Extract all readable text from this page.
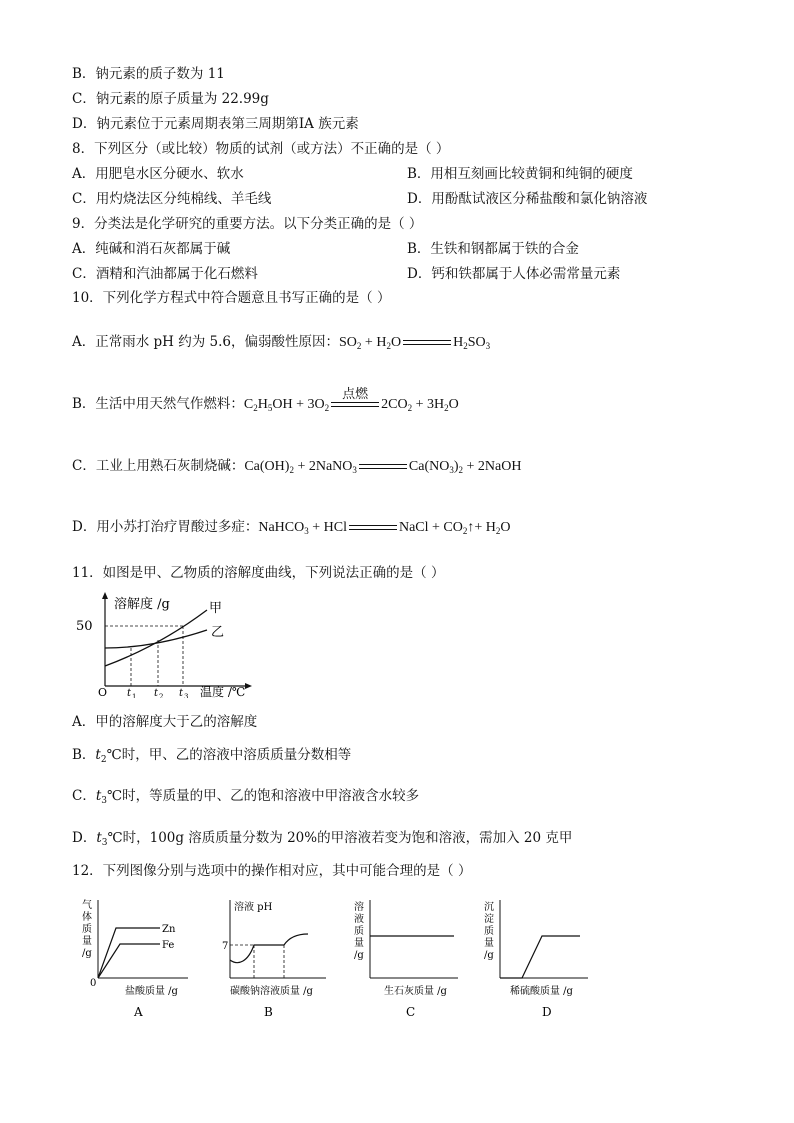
B．钠元素的质子数为 11
C．钠元素的原子质量为 22.99g
D．钠元素位于元素周期表第三周期第ⅠA 族元素
8．下列区分（或比较）物质的试剂（或方法）不正确的是（ ）
A．用肥皂水区分硬水、软水	B．用相互刻画比较黄铜和纯铜的硬度
C．用灼烧法区分纯棉线、羊毛线	D．用酚酞试液区分稀盐酸和氯化钠溶液
9．分类法是化学研究的重要方法。以下分类正确的是（ ）
A．纯碱和消石灰都属于碱	B．生铁和钢都属于铁的合金
C．酒精和汽油都属于化石燃料	D．钙和铁都属于人体必需常量元素
10．下列化学方程式中符合题意且书写正确的是（ ）
A．正常雨水 pH 约为 5.6，偏弱酸性原因：$SO_2 + H_2O$	$H_2SO_3$
B．生活中用天然气作燃料：$C_2H_5OH + 3O_2$
点燃
$2CO_2 + 3H_2O$
C．工业上用熟石灰制烧碱：$Ca(OH)_2$ + 2NaNO$_3$	$Ca(NO_3)_2$ + 2NaOH
D．用小苏打治疗胃酸过多症：NaHCO$_3$ + HCl	NaCl + $CO_2↑+ H_2O$
11．如图是甲、乙物质的溶解度曲线，下列说法正确的是（ ）
溶解度 /g
50
O
甲
乙
t 1 t 2 t 3 温度 /℃
A．甲的溶解度大于乙的溶解度
B．$t_2℃$时，甲、乙的溶液中溶质质量分数相等
C．$t_3℃$时，等质量的甲、乙的饱和溶液中甲溶液含水较多
D．$t_3℃$时，100g 溶质质量分数为 20%的甲溶液若变为饱和溶液，需加入 20 克甲
12．下列图像分别与选项中的操作相对应，其中可能合理的是（ ）
气
体
质
量
/g
0
Zn
Fe
盐酸质量 /g
A
溶液 pH
7
碳酸钠溶液质量 /g
B
溶
液
质
量
/g
生石灰质量 /g
C
沉
淀
质
量
/g
稀硫酸质量 /g
D
